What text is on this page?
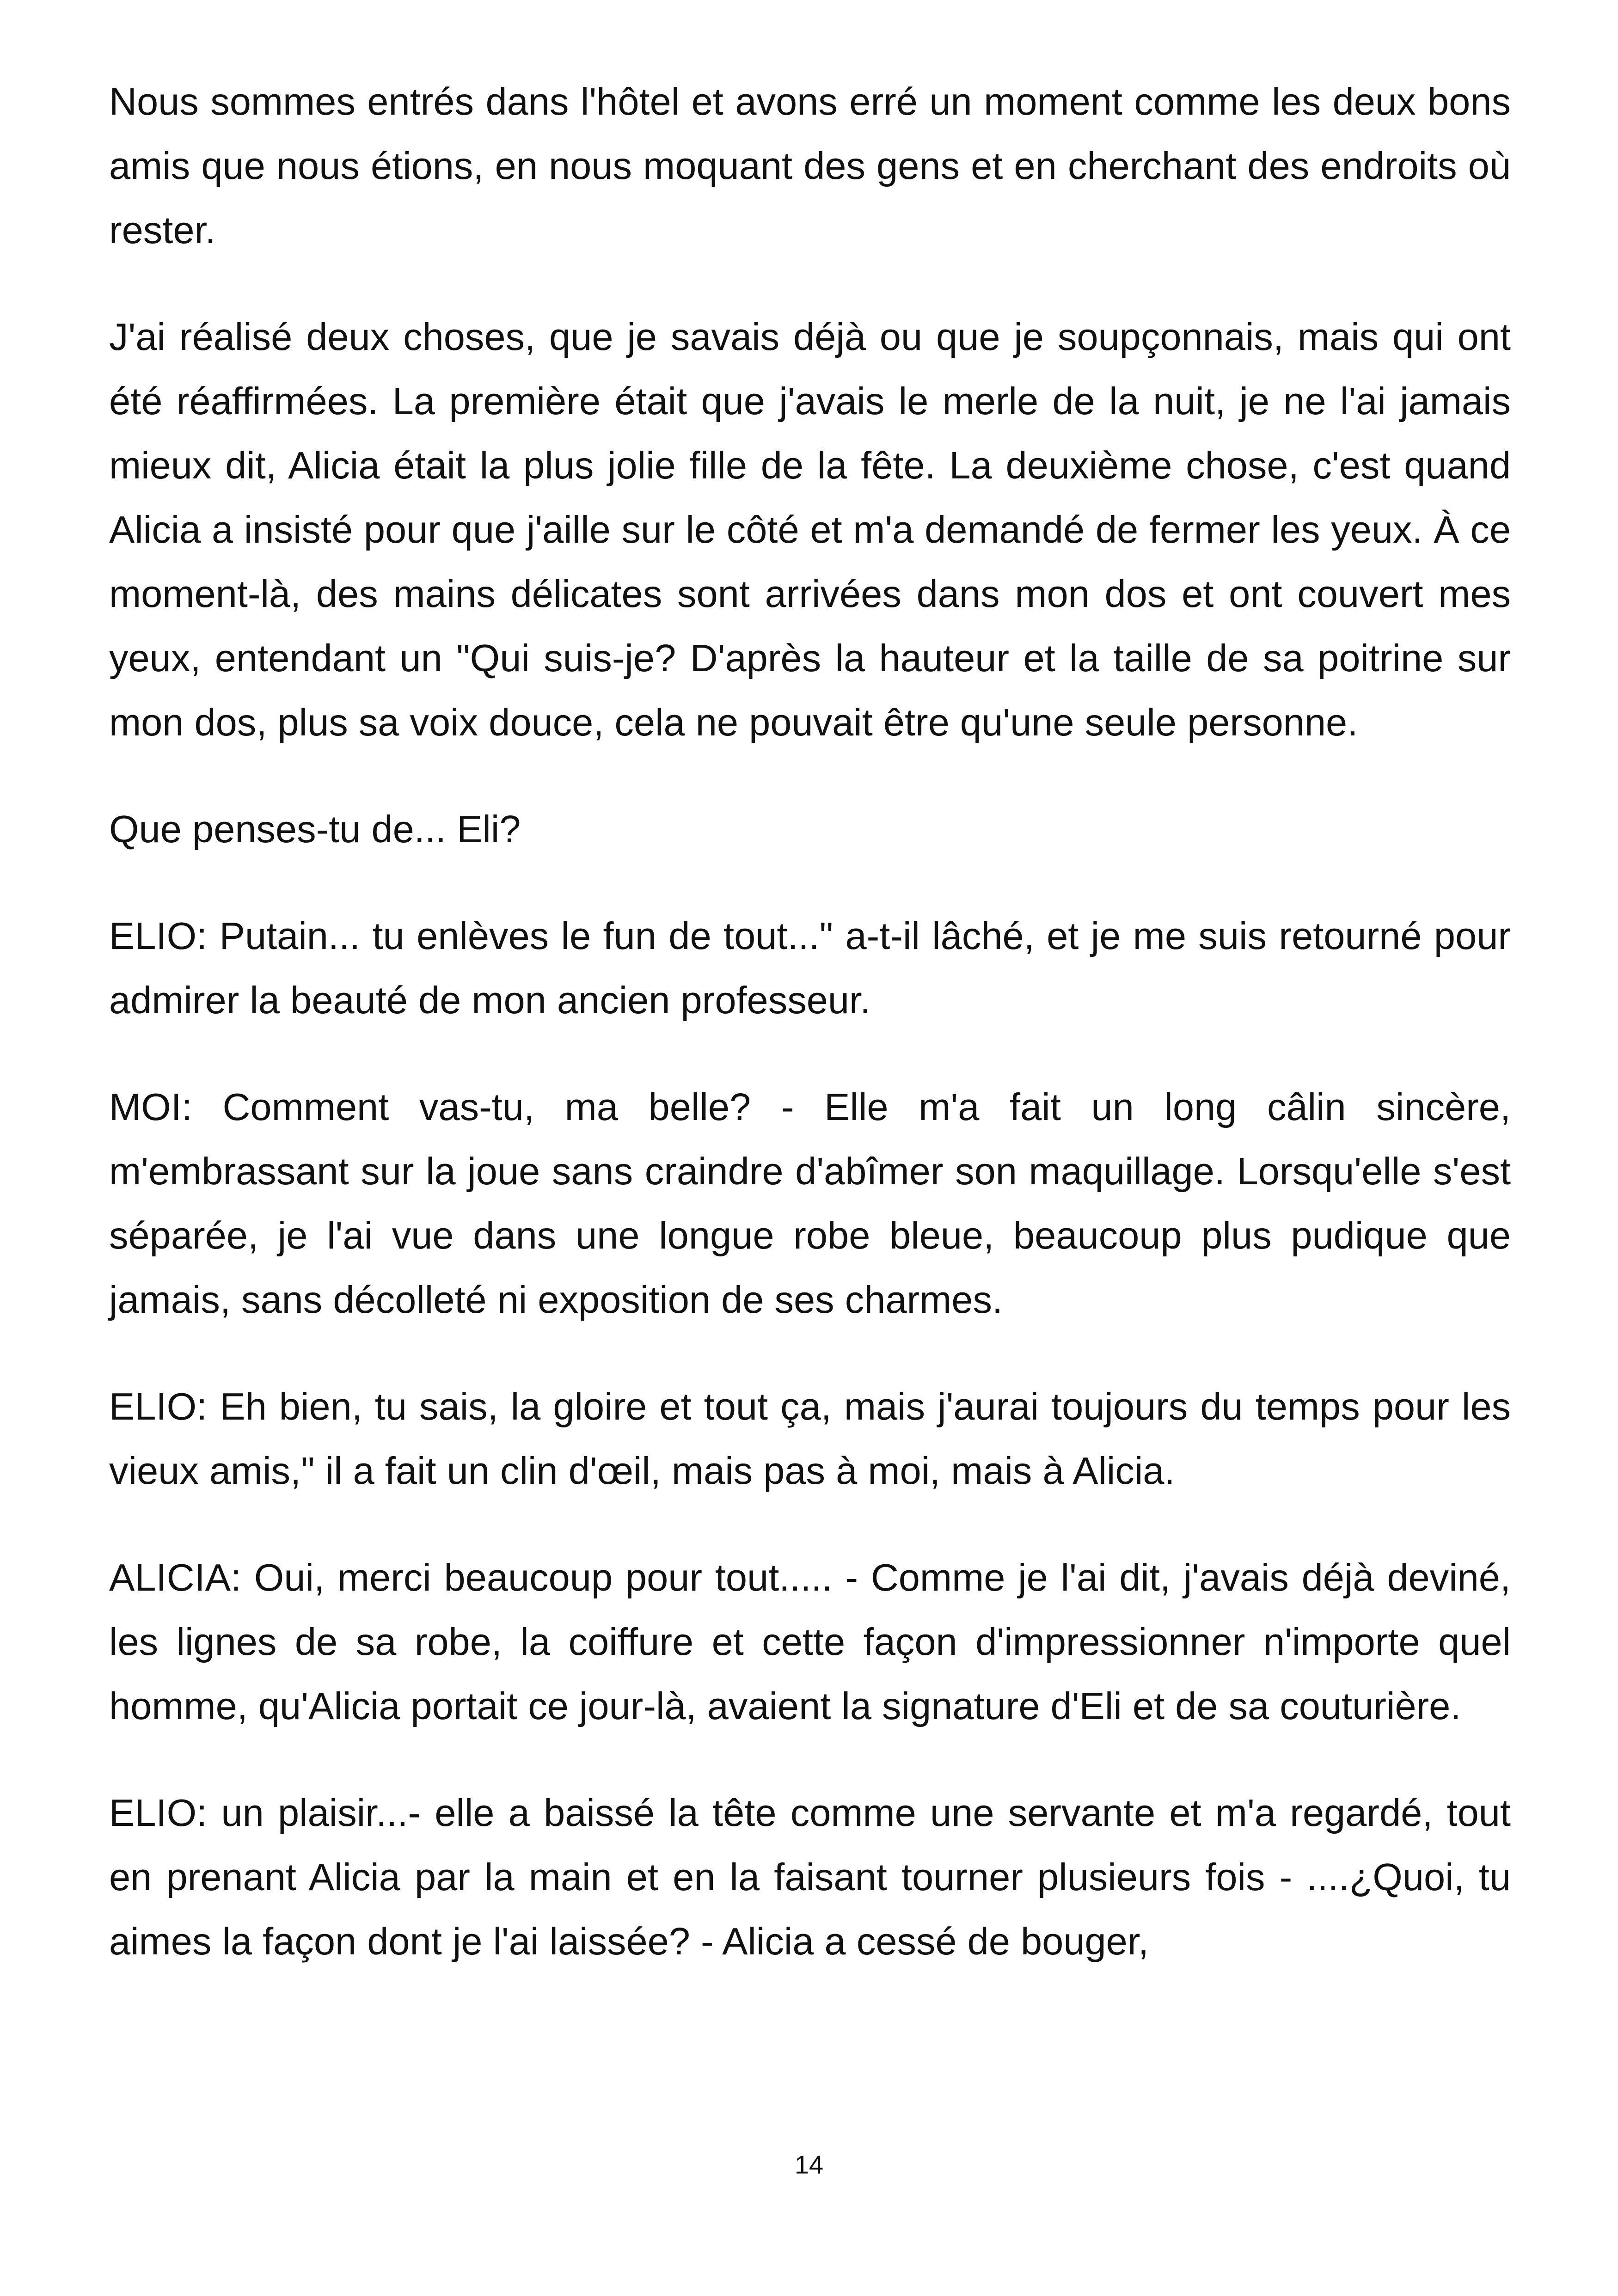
Nous sommes entrés dans l'hôtel et avons erré un moment comme les deux bons amis que nous étions, en nous moquant des gens et en cherchant des endroits où rester.

J'ai réalisé deux choses, que je savais déjà ou que je soupçonnais, mais qui ont été réaffirmées. La première était que j'avais le merle de la nuit, je ne l'ai jamais mieux dit, Alicia était la plus jolie fille de la fête. La deuxième chose, c'est quand Alicia a insisté pour que j'aille sur le côté et m'a demandé de fermer les yeux. À ce moment-là, des mains délicates sont arrivées dans mon dos et ont couvert mes yeux, entendant un "Qui suis-je? D'après la hauteur et la taille de sa poitrine sur mon dos, plus sa voix douce, cela ne pouvait être qu'une seule personne.

Que penses-tu de... Eli?

ELIO: Putain... tu enlèves le fun de tout..." a-t-il lâché, et je me suis retourné pour admirer la beauté de mon ancien professeur.

MOI: Comment vas-tu, ma belle? - Elle m'a fait un long câlin sincère, m'embrassant sur la joue sans craindre d'abîmer son maquillage. Lorsqu'elle s'est séparée, je l'ai vue dans une longue robe bleue, beaucoup plus pudique que jamais, sans décolleté ni exposition de ses charmes.

ELIO: Eh bien, tu sais, la gloire et tout ça, mais j'aurai toujours du temps pour les vieux amis," il a fait un clin d'œil, mais pas à moi, mais à Alicia.

ALICIA: Oui, merci beaucoup pour tout..... - Comme je l'ai dit, j'avais déjà deviné, les lignes de sa robe, la coiffure et cette façon d'impressionner n'importe quel homme, qu'Alicia portait ce jour-là, avaient la signature d'Eli et de sa couturière.

ELIO: un plaisir...- elle a baissé la tête comme une servante et m'a regardé, tout en prenant Alicia par la main et en la faisant tourner plusieurs fois - ....¿Quoi, tu aimes la façon dont je l'ai laissée? - Alicia a cessé de bouger,

14
